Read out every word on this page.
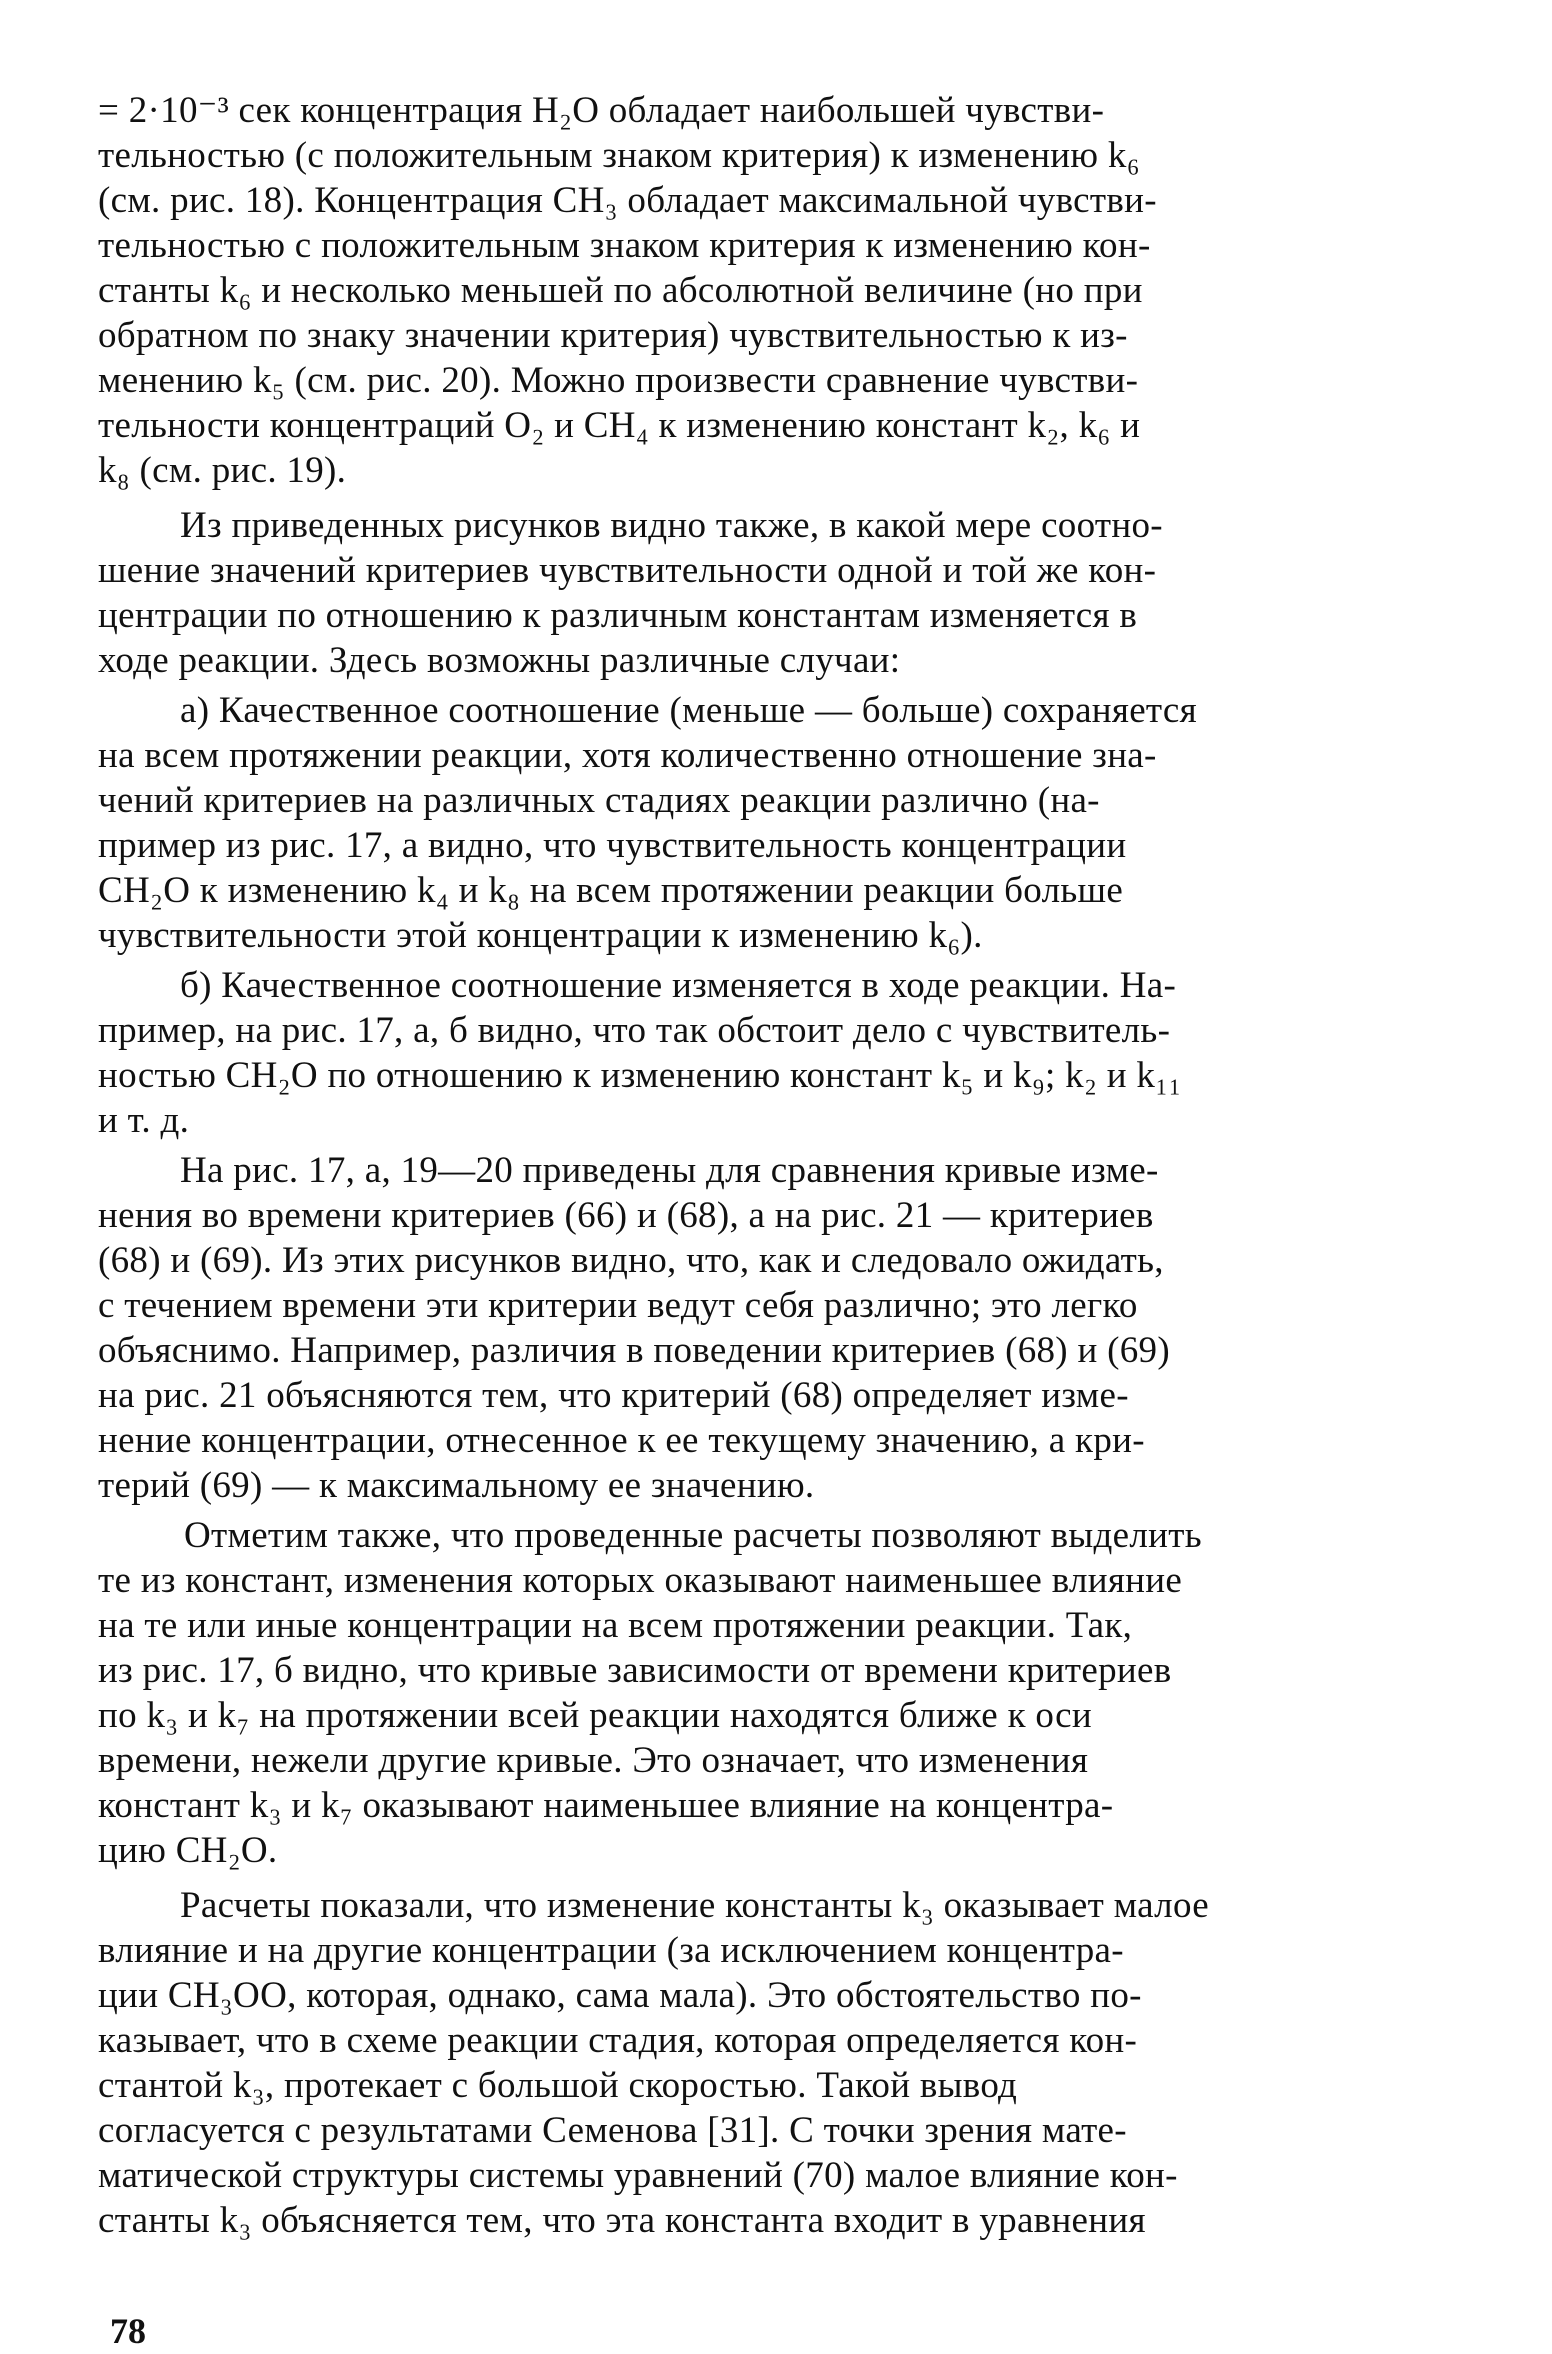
= 2·10⁻³ сек концентрация H₂O обладает наибольшей чувстви-
тельностью (с положительным знаком критерия) к изменению k₆
(см. рис. 18). Концентрация CH₃ обладает максимальной чувстви-
тельностью с положительным знаком критерия к изменению кон-
станты k₆ и несколько меньшей по абсолютной величине (но при
обратном по знаку значении критерия) чувствительностью к из-
менению k₅ (см. рис. 20). Можно произвести сравнение чувстви-
тельности концентраций O₂ и CH₄ к изменению констант k₂, k₆ и
k₈ (см. рис. 19).
Из приведенных рисунков видно также, в какой мере соотно-
шение значений критериев чувствительности одной и той же кон-
центрации по отношению к различным константам изменяется в
ходе реакции. Здесь возможны различные случаи:
а) Качественное соотношение (меньше — больше) сохраняется
на всем протяжении реакции, хотя количественно отношение зна-
чений критериев на различных стадиях реакции различно (на-
пример из рис. 17, а видно, что чувствительность концентрации
CH₂O к изменению k₄ и k₈ на всем протяжении реакции больше
чувствительности этой концентрации к изменению k₆).
б) Качественное соотношение изменяется в ходе реакции. На-
пример, на рис. 17, а, б видно, что так обстоит дело с чувствитель-
ностью CH₂O по отношению к изменению констант k₅ и k₉; k₂ и k₁₁
и т. д.
На рис. 17, а, 19—20 приведены для сравнения кривые изме-
нения во времени критериев (66) и (68), а на рис. 21 — критериев
(68) и (69). Из этих рисунков видно, что, как и следовало ожидать,
с течением времени эти критерии ведут себя различно; это легко
объяснимо. Например, различия в поведении критериев (68) и (69)
на рис. 21 объясняются тем, что критерий (68) определяет изме-
нение концентрации, отнесенное к ее текущему значению, а кри-
терий (69) — к максимальному ее значению.
Отметим также, что проведенные расчеты позволяют выделить
те из констант, изменения которых оказывают наименьшее влияние
на те или иные концентрации на всем протяжении реакции. Так,
из рис. 17, б видно, что кривые зависимости от времени критериев
по k₃ и k₇ на протяжении всей реакции находятся ближе к оси
времени, нежели другие кривые. Это означает, что изменения
констант k₃ и k₇ оказывают наименьшее влияние на концентра-
цию CH₂O.
Расчеты показали, что изменение константы k₃ оказывает малое
влияние и на другие концентрации (за исключением концентра-
ции CH₃OO, которая, однако, сама мала). Это обстоятельство по-
казывает, что в схеме реакции стадия, которая определяется кон-
стантой k₃, протекает с большой скоростью. Такой вывод
согласуется с результатами Семенова [31]. С точки зрения мате-
матической структуры системы уравнений (70) малое влияние кон-
станты k₃ объясняется тем, что эта константа входит в уравнения
78
